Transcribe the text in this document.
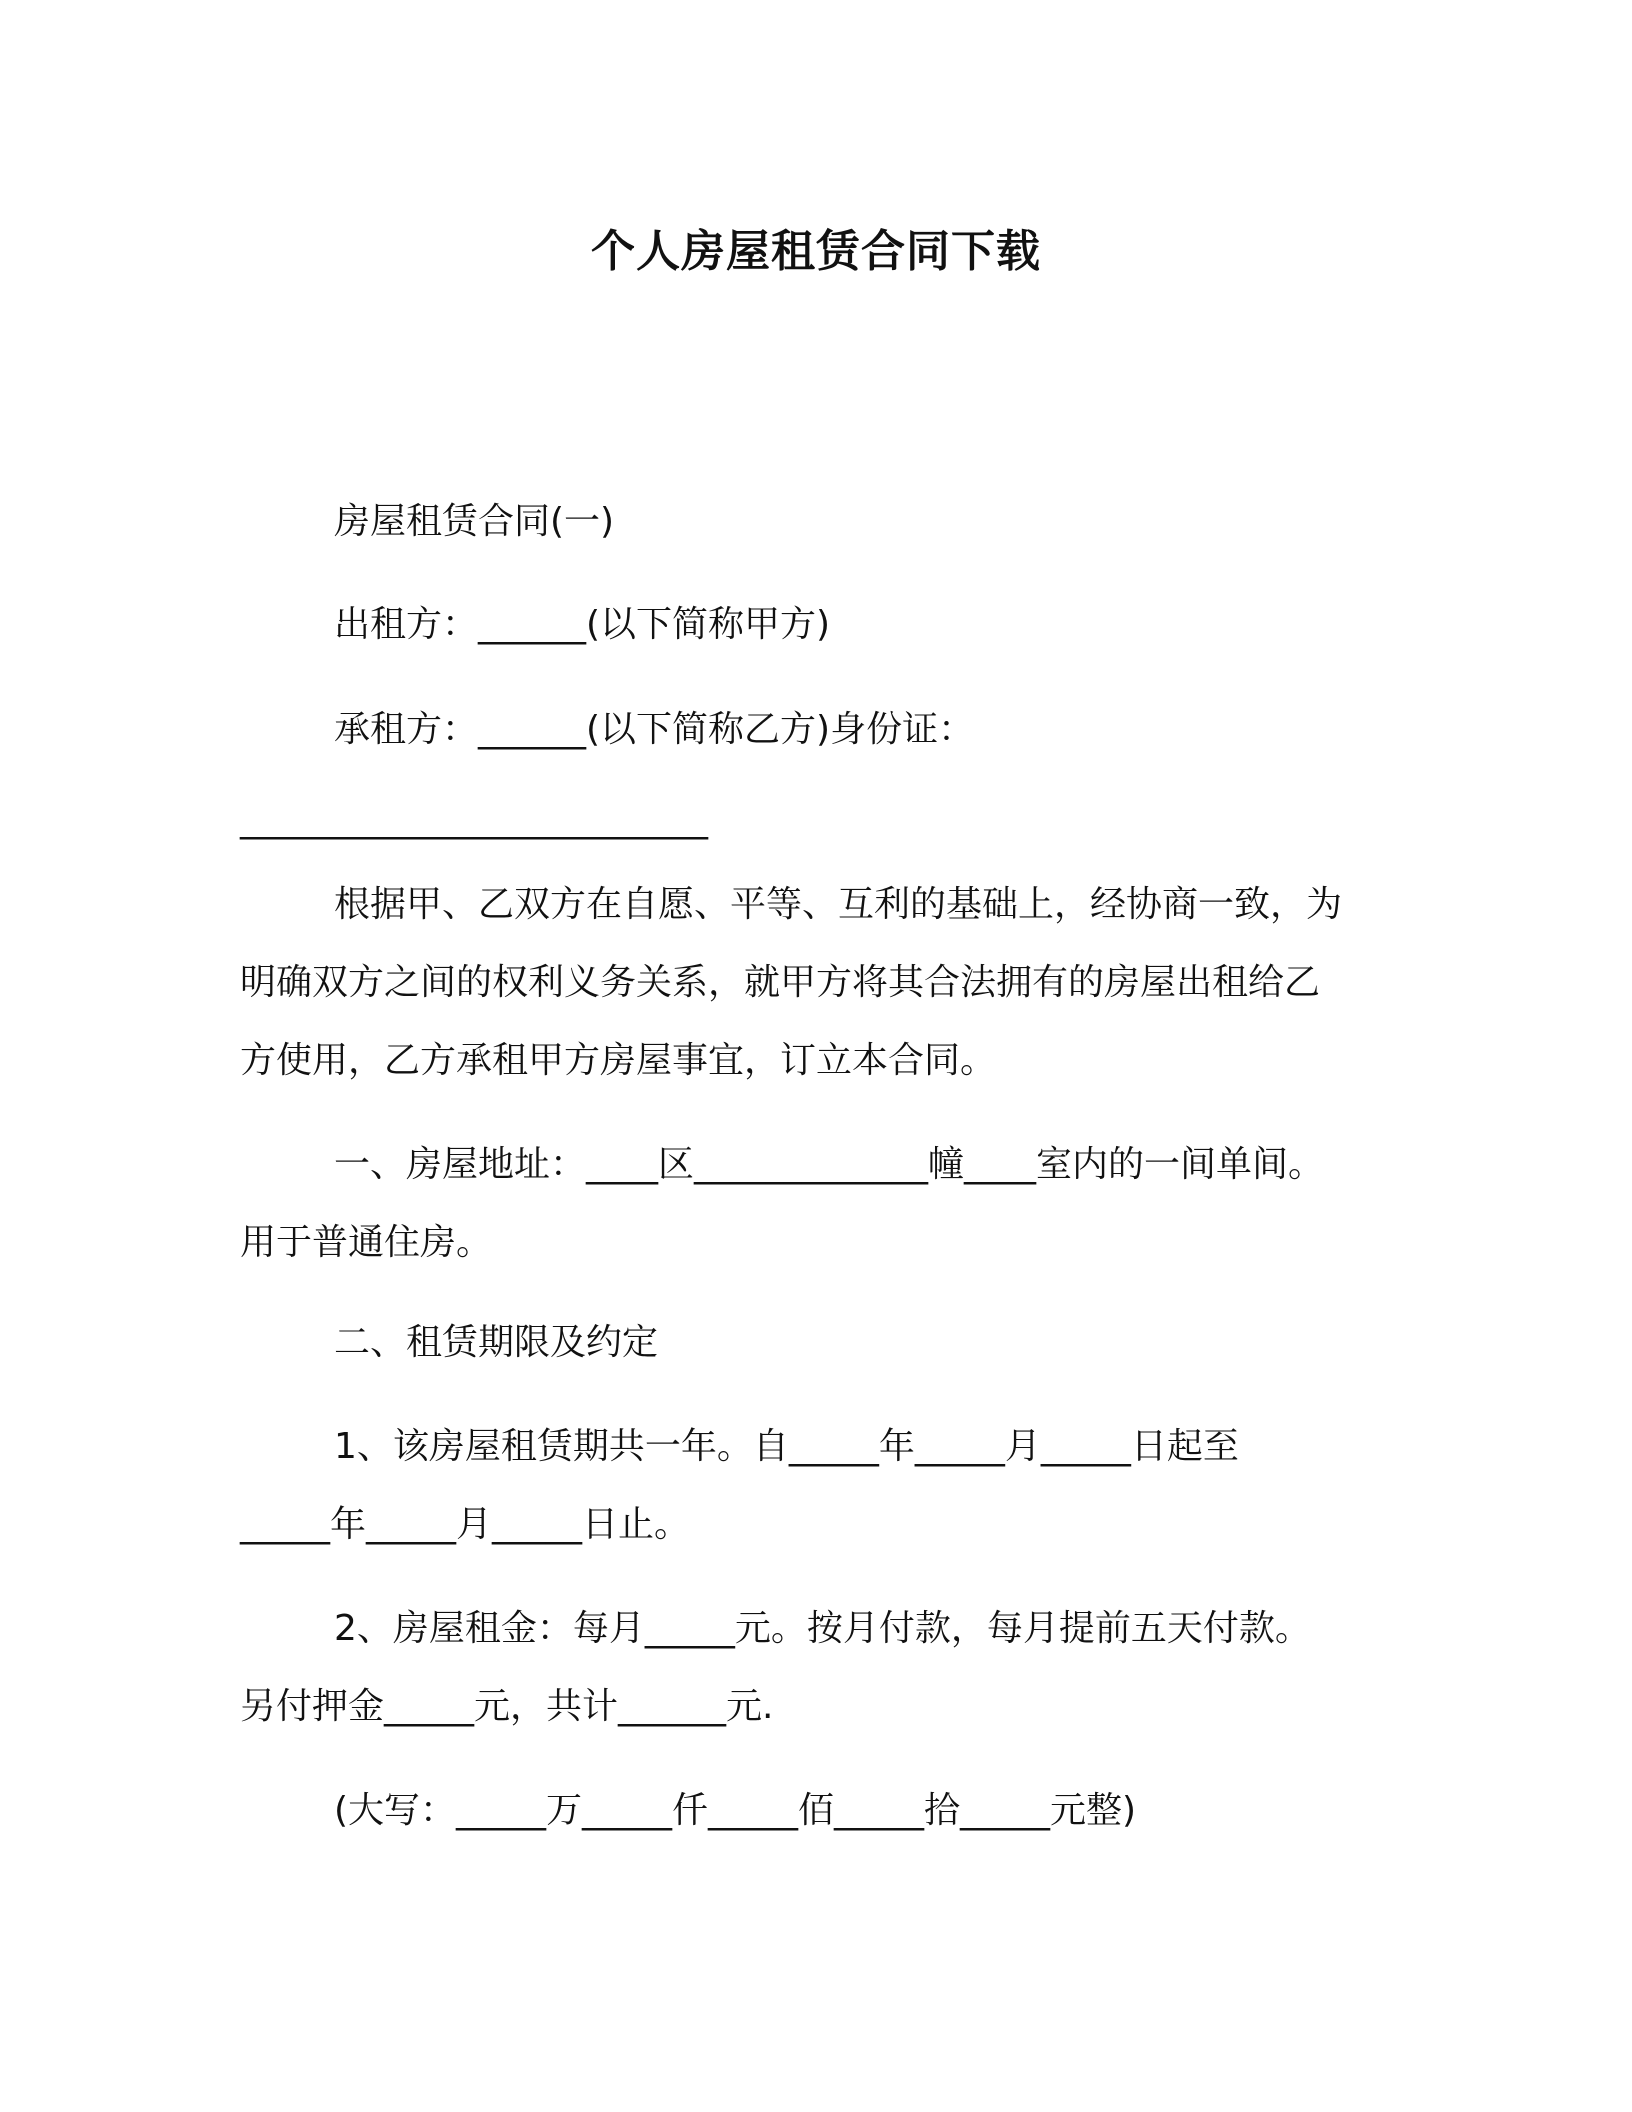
个人房屋租赁合同下载
房屋租赁合同(一)
出租方：______(以下简称甲方)
承租方：______(以下简称乙方)身份证：
__________________________
根据甲、乙双方在自愿、平等、互利的基础上，经协商一致，为
明确双方之间的权利义务关系，就甲方将其合法拥有的房屋出租给乙
方使用，乙方承租甲方房屋事宜，订立本合同。
一、房屋地址：____区_____________幢____室内的一间单间。
用于普通住房。
二、租赁期限及约定
1、该房屋租赁期共一年。自_____年_____月_____日起至
_____年_____月_____日止。
2、房屋租金：每月_____元。按月付款，每月提前五天付款。
另付押金_____元，共计______元.
(大写：_____万_____仟_____佰_____拾_____元整)
